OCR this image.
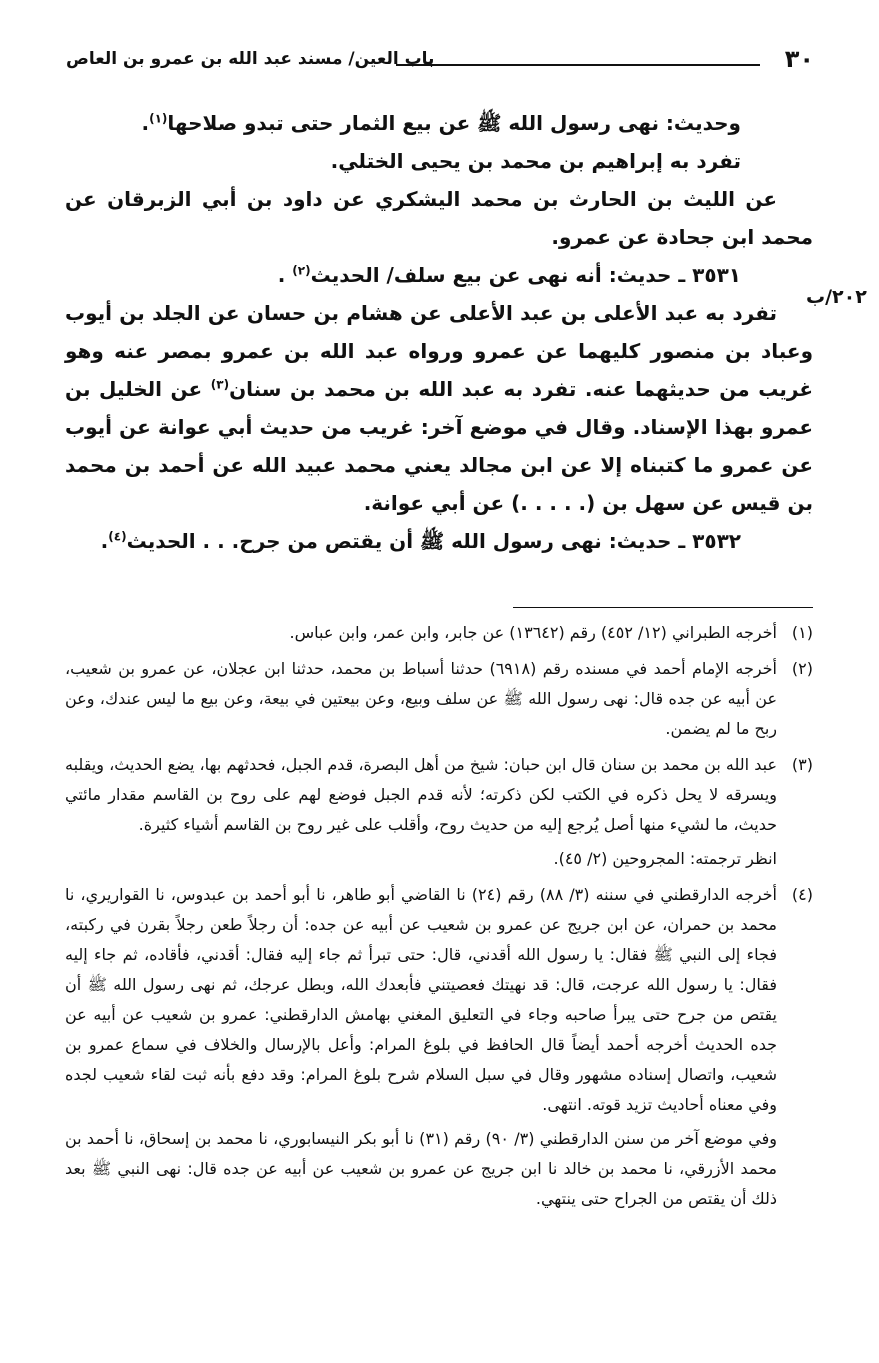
٣٠
باب العين/ مسند عبد الله بن عمرو بن العاص
٢٠٢/ب

وحديث: نهى رسول الله ﷺ عن بيع الثمار حتى تبدو صلاحها$^{(١)}$.

تفرد به إبراهيم بن محمد بن يحيى الختلي.

عن الليث بن الحارث بن محمد اليشكري عن داود بن أبي الزبرقان عن محمد ابن جحادة عن عمرو.

٣٥٣١ ـ حديث: أنه نهى عن بيع سلف/ الحديث$^{(٢)}$ .

تفرد به عبد الأعلى بن عبد الأعلى عن هشام بن حسان عن الجلد بن أيوب وعباد بن منصور كليهما عن عمرو ورواه عبد الله بن عمرو بمصر عنه وهو غريب من حديثهما عنه. تفرد به عبد الله بن محمد بن سنان$^{(٣)}$ عن الخليل بن عمرو بهذا الإسناد. وقال في موضع آخر: غريب من حديث أبي عوانة عن أيوب عن عمرو ما كتبناه إلا عن ابن مجالد يعني محمد عبيد الله عن أحمد بن محمد بن قيس عن سهل بن (. . . . .) عن أبي عوانة.

٣٥٣٢ ـ حديث: نهى رسول الله ﷺ أن يقتص من جرح. . . الحديث$^{(٤)}$.

(١)

أخرجه الطبراني (١٢/ ٤٥٢) رقم (١٣٦٤٢) عن جابر، وابن عمر، وابن عباس.

(٢)

أخرجه الإمام أحمد في مسنده رقم (٦٩١٨) حدثنا أسباط بن محمد، حدثنا ابن عجلان، عن عمرو بن شعيب، عن أبيه عن جده قال: نهى رسول الله ﷺ عن سلف وبيع، وعن بيعتين في بيعة، وعن بيع ما ليس عندك، وعن ربح ما لم يضمن.

(٣)

عبد الله بن محمد بن سنان قال ابن حبان: شيخ من أهل البصرة، قدم الجبل، فحدثهم بها، يضع الحديث، ويقلبه ويسرقه لا يحل ذكره في الكتب لكن ذكرته؛ لأنه قدم الجبل فوضع لهم على روح بن القاسم مقدار مائتي حديث، ما لشيء منها أصل يُرجع إليه من حديث روح، وأقلب على غير روح بن القاسم أشياء كثيرة.

انظر ترجمته: المجروحين (٢/ ٤٥).

(٤)

أخرجه الدارقطني في سننه (٣/ ٨٨) رقم (٢٤) نا القاضي أبو طاهر، نا أبو أحمد بن عبدوس، نا القواريري، نا محمد بن حمران، عن ابن جريج عن عمرو بن شعيب عن أبيه عن جده: أن رجلاً طعن رجلاً بقرن في ركبته، فجاء إلى النبي ﷺ فقال: يا رسول الله أقدني، قال: حتى تبرأ ثم جاء إليه فقال: أقدني، فأقاده، ثم جاء إليه فقال: يا رسول الله عرجت، قال: قد نهيتك فعصيتني فأبعدك الله، وبطل عرجك، ثم نهى رسول الله ﷺ أن يقتص من جرح حتى يبرأ صاحبه وجاء في التعليق المغني بهامش الدارقطني: عمرو بن شعيب عن أبيه عن جده الحديث أخرجه أحمد أيضاً قال الحافظ في بلوغ المرام: وأعل بالإرسال والخلاف في سماع عمرو بن شعيب، واتصال إسناده مشهور وقال في سبل السلام شرح بلوغ المرام: وقد دفع بأنه ثبت لقاء شعيب لجده وفي معناه أحاديث تزيد قوته. انتهى.

وفي موضع آخر من سنن الدارقطني (٣/ ٩٠) رقم (٣١) نا أبو بكر النيسابوري، نا محمد بن إسحاق، نا أحمد بن محمد الأزرقي، نا محمد بن خالد نا ابن جريج عن عمرو بن شعيب عن أبيه عن جده قال: نهى النبي ﷺ بعد ذلك أن يقتص من الجراح حتى ينتهي.
